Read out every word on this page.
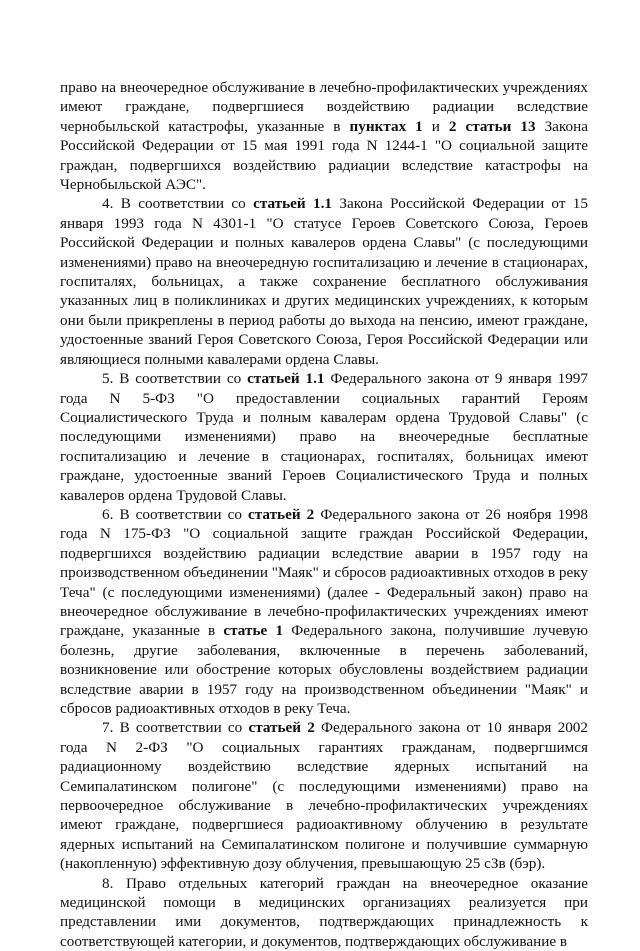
право на внеочередное обслуживание в лечебно-профилактических учреждениях имеют граждане, подвергшиеся воздействию радиации вследствие чернобыльской катастрофы, указанные в пунктах 1 и 2 статьи 13 Закона Российской Федерации от 15 мая 1991 года N 1244-1 "О социальной защите граждан, подвергшихся воздействию радиации вследствие катастрофы на Чернобыльской АЭС".

4. В соответствии со статьей 1.1 Закона Российской Федерации от 15 января 1993 года N 4301-1 "О статусе Героев Советского Союза, Героев Российской Федерации и полных кавалеров ордена Славы" (с последующими изменениями) право на внеочередную госпитализацию и лечение в стационарах, госпиталях, больницах, а также сохранение бесплатного обслуживания указанных лиц в поликлиниках и других медицинских учреждениях, к которым они были прикреплены в период работы до выхода на пенсию, имеют граждане, удостоенные званий Героя Советского Союза, Героя Российской Федерации или являющиеся полными кавалерами ордена Славы.

5. В соответствии со статьей 1.1 Федерального закона от 9 января 1997 года N 5-ФЗ "О предоставлении социальных гарантий Героям Социалистического Труда и полным кавалерам ордена Трудовой Славы" (с последующими изменениями) право на внеочередные бесплатные госпитализацию и лечение в стационарах, госпиталях, больницах имеют граждане, удостоенные званий Героев Социалистического Труда и полных кавалеров ордена Трудовой Славы.

6. В соответствии со статьей 2 Федерального закона от 26 ноября 1998 года N 175-ФЗ "О социальной защите граждан Российской Федерации, подвергшихся воздействию радиации вследствие аварии в 1957 году на производственном объединении "Маяк" и сбросов радиоактивных отходов в реку Теча" (с последующими изменениями) (далее - Федеральный закон) право на внеочередное обслуживание в лечебно-профилактических учреждениях имеют граждане, указанные в статье 1 Федерального закона, получившие лучевую болезнь, другие заболевания, включенные в перечень заболеваний, возникновение или обострение которых обусловлены воздействием радиации вследствие аварии в 1957 году на производственном объединении "Маяк" и сбросов радиоактивных отходов в реку Теча.

7. В соответствии со статьей 2 Федерального закона от 10 января 2002 года N 2-ФЗ "О социальных гарантиях гражданам, подвергшимся радиационному воздействию вследствие ядерных испытаний на Семипалатинском полигоне" (с последующими изменениями) право на первоочередное обслуживание в лечебно-профилактических учреждениях имеют граждане, подвергшиеся радиоактивному облучению в результате ядерных испытаний на Семипалатинском полигоне и получившие суммарную (накопленную) эффективную дозу облучения, превышающую 25 сЗв (бэр).

8. Право отдельных категорий граждан на внеочередное оказание медицинской помощи в медицинских организациях реализуется при представлении ими документов, подтверждающих принадлежность к соответствующей категории, и документов, подтверждающих обслуживание в
